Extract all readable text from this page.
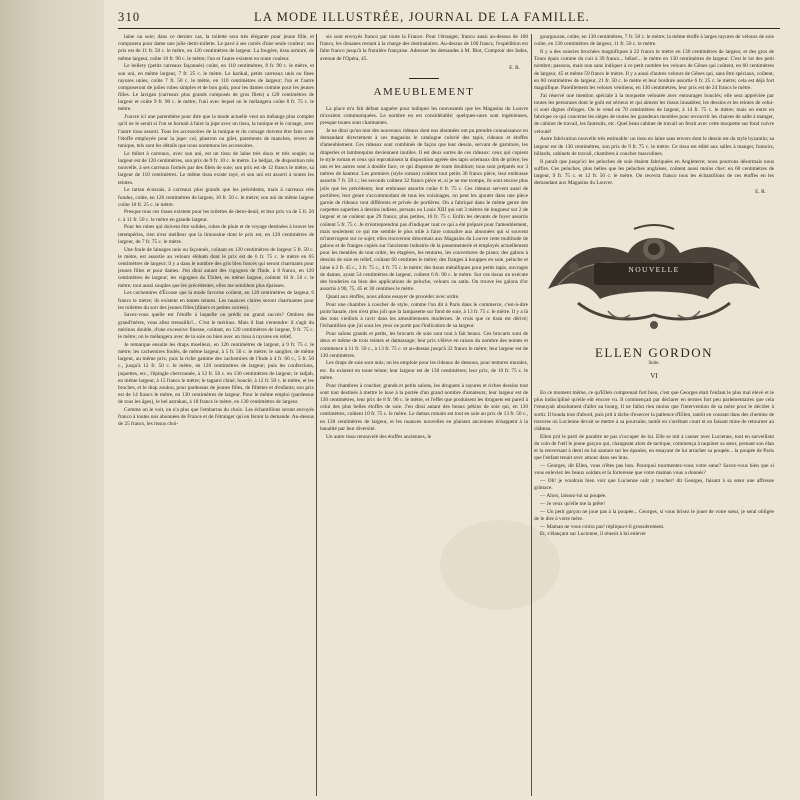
310	LA MODE ILLUSTRÉE, JOURNAL DE LA FAMILLE.

laine ou soie; dans ce dernier cas, la toilette sera très élégante pour jeune fille, et composera pour dame une jolie demi-toilette. Le pavé à ses carrés d'une seule couleur; son prix est de 11 fr. 50 c. le mètre, en 120 centimètres de largeur. La fougère, tissu armuré, de même largeur, coûte 10 fr. 90 c. le mètre; l'un et l'autre existent en toute couleur.

Le bellery (petits carreaux façonnés) coûte, en 110 centimètres, 8 fr. 90 c. le mètre, et son uni, en même largeur, 7 fr. 25 c. le mètre. Le karikal, petits carreaux unis ou fines rayures unies, coûte 7 fr. 50 c. le mètre, en 110 centimètres de largeur; l'un et l'autre composeront de jolies robes simples et de bon goût, pour les dames comme pour les jeunes filles. Le lavigan (carreaux plus grands composés de gros filets) a 120 centimètres de largeur et coûte 9 fr. 90 c. le mètre; l'uni avec lequel on le mélangera coûte 8 fr. 75 c. le mètre.

J'ouvre ici une parenthèse pour dire que la mode actuelle veut un mélange plus complet qu'il ne le serait si l'on se bornait à faire la jupe avec un tissu, la tunique et le corsage, avec l'autre tissu assorti. Tous les accessoires de la tunique et du corsage doivent être faits avec l'étoffe employée pour la jupe: col, plastron ou gilet, parements de manches, revers de tunique, tels sont les détails que nous nommons les accessoires.

Le thibet à carreaux, avec son uni, est un tissu de laine très doux et très souple; sa largeur est de 120 centimètres, son prix de 9 fr. 10 c. le mètre. Le hédjaz, de disposition très nouvelle, à ses carreaux formés par des filets de soie; son prix est de 12 francs le mètre, sa largeur de 110 centimètres. Le même tissu existe rayé, et son uni est assorti à toutes les teintes.

Le tartan écossais, à carreaux plus grands que les précédents, mais à carreaux très fondus, coûte, en 120 centimètres de largeur, 10 fr. 50 c. le mètre; son uni de même largeur coûte 10 fr. 25 c. le mètre.

Presque tous ces tissus existent pour les toilettes de demi-deuil, et leur prix va de 5 fr. 50 c. à 11 fr. 50 c. le mètre en grande largeur.

Pour les robes qui doivent être solides, robes de pluie et de voyage destinées à braver les intempéries, rien n'est meilleur que la limousine dont le prix est, en 120 centimètres de largeur, de 7 fr. 75 c. le mètre.

Une foule de lainages unis ou façonnés, coûtant en 120 centimètres de largeur 5 fr. 50 c. le mètre, est assortie au velours élébam dont le prix est de 6 fr. 75 c. le mètre en 65 centimètres de largeur; il y a dans le nombre des gris bleu foncés qui seront charmants pour jeunes filles et pour dames. J'en dirai autant des vigognes de l'Inde, à 8 francs, en 120 centimètres de largeur; les vigognes du Thibet, en même largeur, coûtent 10 fr. 50 c. le mètre; tout aussi souples que les précédentes, elles me semblent plus épaisses.

Les cachemires d'Écosse que la mode favorise coûtent, en 120 centimètres de largeur, 6 francs le mètre; ils existent en toutes teintes. Les nuances claires seront charmantes pour les toilettes du soir des jeunes filles (dîners et petites soirées).

Savez-vous quelle est l'étoffe à laquelle on prédit un grand succès? Ombres des grand'mères, vous allez tressaillir!... C'est le mérinos. Mais il faut s'entendre: il s'agit du mérinos double, d'une excessive finesse, coûtant, en 120 centimètres de largeur, 9 fr. 75 c. le mètre; on le mélangera avec de la soie ou bien avec un tissu à rayures en relief.

Je remarque ensuite les draps moelleux, en 120 centimètres de largeur, à 9 fr. 75 c. le mètre; les cachemires foulés, de même largeur, à 5 fr. 50 c. le mètre; le sanglier, de même largeur, au même prix; puis la riche gamme des cachemires de l'Inde à 4 fr. 60 c., 5 fr. 50 c., jusqu'à 12 fr. 50 c. le mètre, en 120 centimètres de largeur; puis les confections, jaquettes, etc., l'épingle chevronnée, à 12 fr. 50 c. en 130 centimètres de largeur; le tadjah, en même largeur, à 15 francs le mètre; le taganri chiné, bouclé, à 12 fr. 50 c. le mètre, et les broches, et le drap zoulou, pour pardessus de jeunes filles, de fillettes et d'enfants; son prix est de 14 francs le mètre, en 130 centimètres de largeur. Pour le même emploi (pardessus de tous les âges), le bel astrakan, à 18 francs le mètre, en 130 centimètres de largeur.

Comme on le voit, on n'a plus que l'embarras du choix. Les échantillons seront envoyés franco à toutes nos abonnées de France et de l'étranger qui en feront la demande. Au-dessus de 25 francs, les tissus choi-

sis sont envoyés franco par toute la France. Pour l'étranger, franco aussi au-dessus de 100 francs, les douanes restant à la charge des destinataires. Au-dessus de 100 francs, l'expédition est faite franco jusqu'à la frontière française. Adresser les demandes à M. Blot, Comptoir des Indes, avenue de l'Opéra, 45.

E. R.

AMEUBLEMENT

La place m'a fait défaut naguère pour indiquer les nouveautés que les Magasins du Louvre m'avaient communiquées. Le nombre en est considérable; quelques-unes sont ingénieuses, presque toutes sont charmantes.

Je ne dirai qu'un mot des nouveaux rideaux dont nos abonnées ont pu prendre connaissance en demandant directement à ces magasins le catalogue colorié des tapis, rideaux et étoffes d'ameublement. Ces rideaux sont combinés de façon que leur dessin, servant de garniture, les draperies et lambrequins deviennent inutiles. Il est deux sortes de ces rideaux: ceux qui copient le style roman et ceux qui reproduisent la disposition agréée des tapis orientaux dits de prière; les uns et les autres sont à double face, ce qui dispense de toute doublure; tous sont préparés sur 3 mètres de hauteur. Les premiers (style roman) coûtent tout petits 36 francs pièce, leur embrasse assortie 7 fr. 50 c.; les seconds coûtent 32 francs pièce et, si je ne me trompe, ils sont encore plus jolis que les précédents; leur embrasse assortie coûte 6 fr. 75 c. Ces rideaux servent aussi de portières; leur genre s'accommodant de tous les voisinages, on peut les ajouter dans une pièce garnie de rideaux tout différents et privée de portières. On a fabriqué dans le même genre des carpettes superbes à dessins indiens, persans ou Louis XIII qui ont 3 mètres de longueur sur 2 de largeur et ne coûtent que 29 francs; plus petites, 16 fr. 75 c. Enfin les devants de foyer assortis coûtent 5 fr. 75 c. Je m'entreprendrai pas d'indiquer tout ce qui a été préparé pour l'ameublement, mais seulement ce qui me semble le plus utile à faire connaître aux abonnées qui si souvent m'interrogent sur ce sujet; elles trouveront désormais aux Magasins du Louvre cette multitude de galons et de franges copiés sur l'ancienne industrie de la passementerie et employés actuellement pour les meubles de tout ordre, les étagères, les tentures, les couvertures de piano; des galons à dessins de soie en relief, coûtant 60 centimes le mètre; des franges à houppes en soie, peluche et laine à 2 fr. 45 c., 3 fr. 75 c., 4 fr. 75 c. le mètre; des tissus métalliques pour petits tapis, ouvrages de dames, ayant 54 centimètres de largeur, coûtent 6 fr. 90 c. le mètre. Sur ces tissus on exécute des broderies ou bien des applications de peluche, velours ou satin. On trouve les galons d'or assortis à 90, 75, 45 et 30 centimes le mètre.

Quant aux étoffes, nous allons essayer de procéder avec ordre.

Pour une chambre à coucher de style, comme l'on dit à Paris dans le commerce, c'est-à-dire point banale, rien n'est plus joli que la lampasette sur fond de soie, à 13 fr. 75 c. le mètre. Il y a là des tons vieillots à ravir dans les ameublements modernes. Je crois que ce tissu est dérivé; l'échantillon que j'ai sous les yeux ne porte pas l'indication de sa largeur.

Pour salons grands et petits, les brocarts de soie sont tout à fait beaux. Ces brocarts sont de deux et même de trois teintes et damassage; leur prix s'élève en raison du nombre des teintes et commence à 11 fr. 50 c., à 13 fr. 75 c. et au-dessus jusqu'à 32 francs le mètre; leur largeur est de 130 centimètres.

Les draps de soie sont unis; on les emploie pour les rideaux de dessous, pour tentures murales, etc. Ils existent en toute teinte; leur largeur est de 130 centimètres; leur prix, de 10 fr. 75 c. le mètre.

Pour chambres à coucher, grands et petits salons, les droguets à rayures et riches dessins tout sont tout destinés à mettre le luxe à la portée d'un grand nombre d'amateurs; leur largeur est de 130 centimètres, leur prix de 8 fr. 90 c. le mètre, et l'effet que produisent les droguets est pareil à celui des plus belles étoffes de soie. J'en dirai autant des beaux pékins de soie qui, en 130 centimètres, coûtent 10 fr. 75 c. le mètre. Le damas romain est tout en soie au prix de 13 fr. 50 c., en 130 centimètres de largeur, et les nuances nouvelles en plaisent anciennes échappent à la banalité par leur diversité.

Un autre tissu renouvelé des étoffes anciennes, le

gourgouran, coûte, en 130 centimètres, 7 fr. 50 c. le mètre; la même étoffe à larges rayures de velours de soie coûte, en 130 centimètres de largeur, 11 fr. 50 c. le mètre.

Il y a des soieries brochées magnifiques à 22 francs le mètre en 130 centimètres de largeur, et des gros de Tours épais comme du cuir à 39 francs... hélas!... le mètre en 130 centimètres de largeur. C'est le lot des petit nombre; passons, mais non sans indiquer à ce petit nombre les velours de Gênes qui coûtent, en 60 centimètres de largeur, 45 et même 59 francs le mètre. Il y a aussi d'autres velours de Gênes qui, sans être spéciaux, coûtent, en 60 centimètres de largeur, 21 fr. 50 c. le mètre et leur bordure assortie 6 fr. 25 c. le mètre; cela est déjà fort magnifique. Pareillement les velours vénitiens, en 130 centimètres, leur prix est de 24 francs le mètre.

J'ai réservé une mention spéciale à la moquette veloutée avec entourages bouclés; elle sera appréciée par toutes les personnes dont le goût est sérieux et qui aiment les tissus inusables; les dessins et les teintes de celui-ci sont dignes d'éloges. On le vend en 70 centimètres de largeur, à 14 fr. 75 c. le mètre; mais on entre en fabrique ce qui concerne les sièges de toutes les grandeurs meubles pour recouvrir les chaises de salle à manger, de cabinet de travail, les fauteuils, etc. Quel beau cabinet de travail on ferait avec cette moquette sur fond cuivre velouté!

Autre fabrication nouvelle très estimable: un tissu en laine sans envers dont le dessin est du style byzantin; sa largeur est de 130 centimètres, son prix de 9 fr. 75 c. le mètre. Ce tissu est édité aux salles à manger, fumoirs, billards, cabinets de travail, chambres à coucher masculines.

Il paraît que jusqu'ici les peluches de soie étaient fabriquées en Angleterre; nous pourrons désormais nous suffire. Ces peluches, plus belles que les peluches anglaises, coûtent aussi moins cher: en 60 centimètres de largeur, 9 fr. 75 c. et 12 fr. 50 c. le mètre. On recevra franco tous les échantillons de ces étoffes en les demandant aux Magasins du Louvre.

E. R.

NOUVELLE
ELLEN GORDON
Suite.
VI

En ce moment même, ce qu'Ellen comprenait fort bien, c'est que Georges était l'enfant le plus mal élevé et le plus indiscipliné qu'elle eût encore vu. Il commençait par déclarer en termes fort peu parlementaires que cela l'ennuyait absolument d'aller au bourg. Il ne fallut rien moins que l'intervention de sa mère pour le décider à sortir. Il bouda tout d'abord, puis prit à tâche d'exercer la patience d'Ellen, tantôt en courant dans des chemins de traverse où Lucienne devait se mettre à sa poursuite, tantôt en s'arrêtant court et en faisant mine de retourner au château.

Ellen prit le parti de paraître ne pas s'occuper de lui. Elle se mit à causer avec Lucienne, tout en surveillant du coin de l'œil le jeune garçon qui, changeant alors de tactique, commença à taquiner sa sœur, prenant son élan et la renversant à demi en lui sautant sur les épaules, en essayant de lui arracher sa poupée... la poupée de Paris que l'enfant tenait avec amour dans ses bras.

— Georges, dit Ellen, vous n'êtes pas bon. Pourquoi tourmentez-vous votre sœur? Savez-vous bien que si vous enleviez les beaux soldats et la forteresse que votre maman vous a donnés?

— Oh! je voudrais bien voir que Lucienne osât y toucher! dit Georges, faisant à sa sœur une affreuse grimace.

— Alors, laissez-lui sa poupée.

— Je veux qu'elle me la prête!

— Un petit garçon ne joue pas à la poupée... Georges, si vous brisez le jouet de votre sœur, je serai obligée de le dire à votre mère.

— Maman ne vous croira pas! répliqua-t-il grossièrement.

Et, s'élançant sur Lucienne, il réussit à lui enlever
